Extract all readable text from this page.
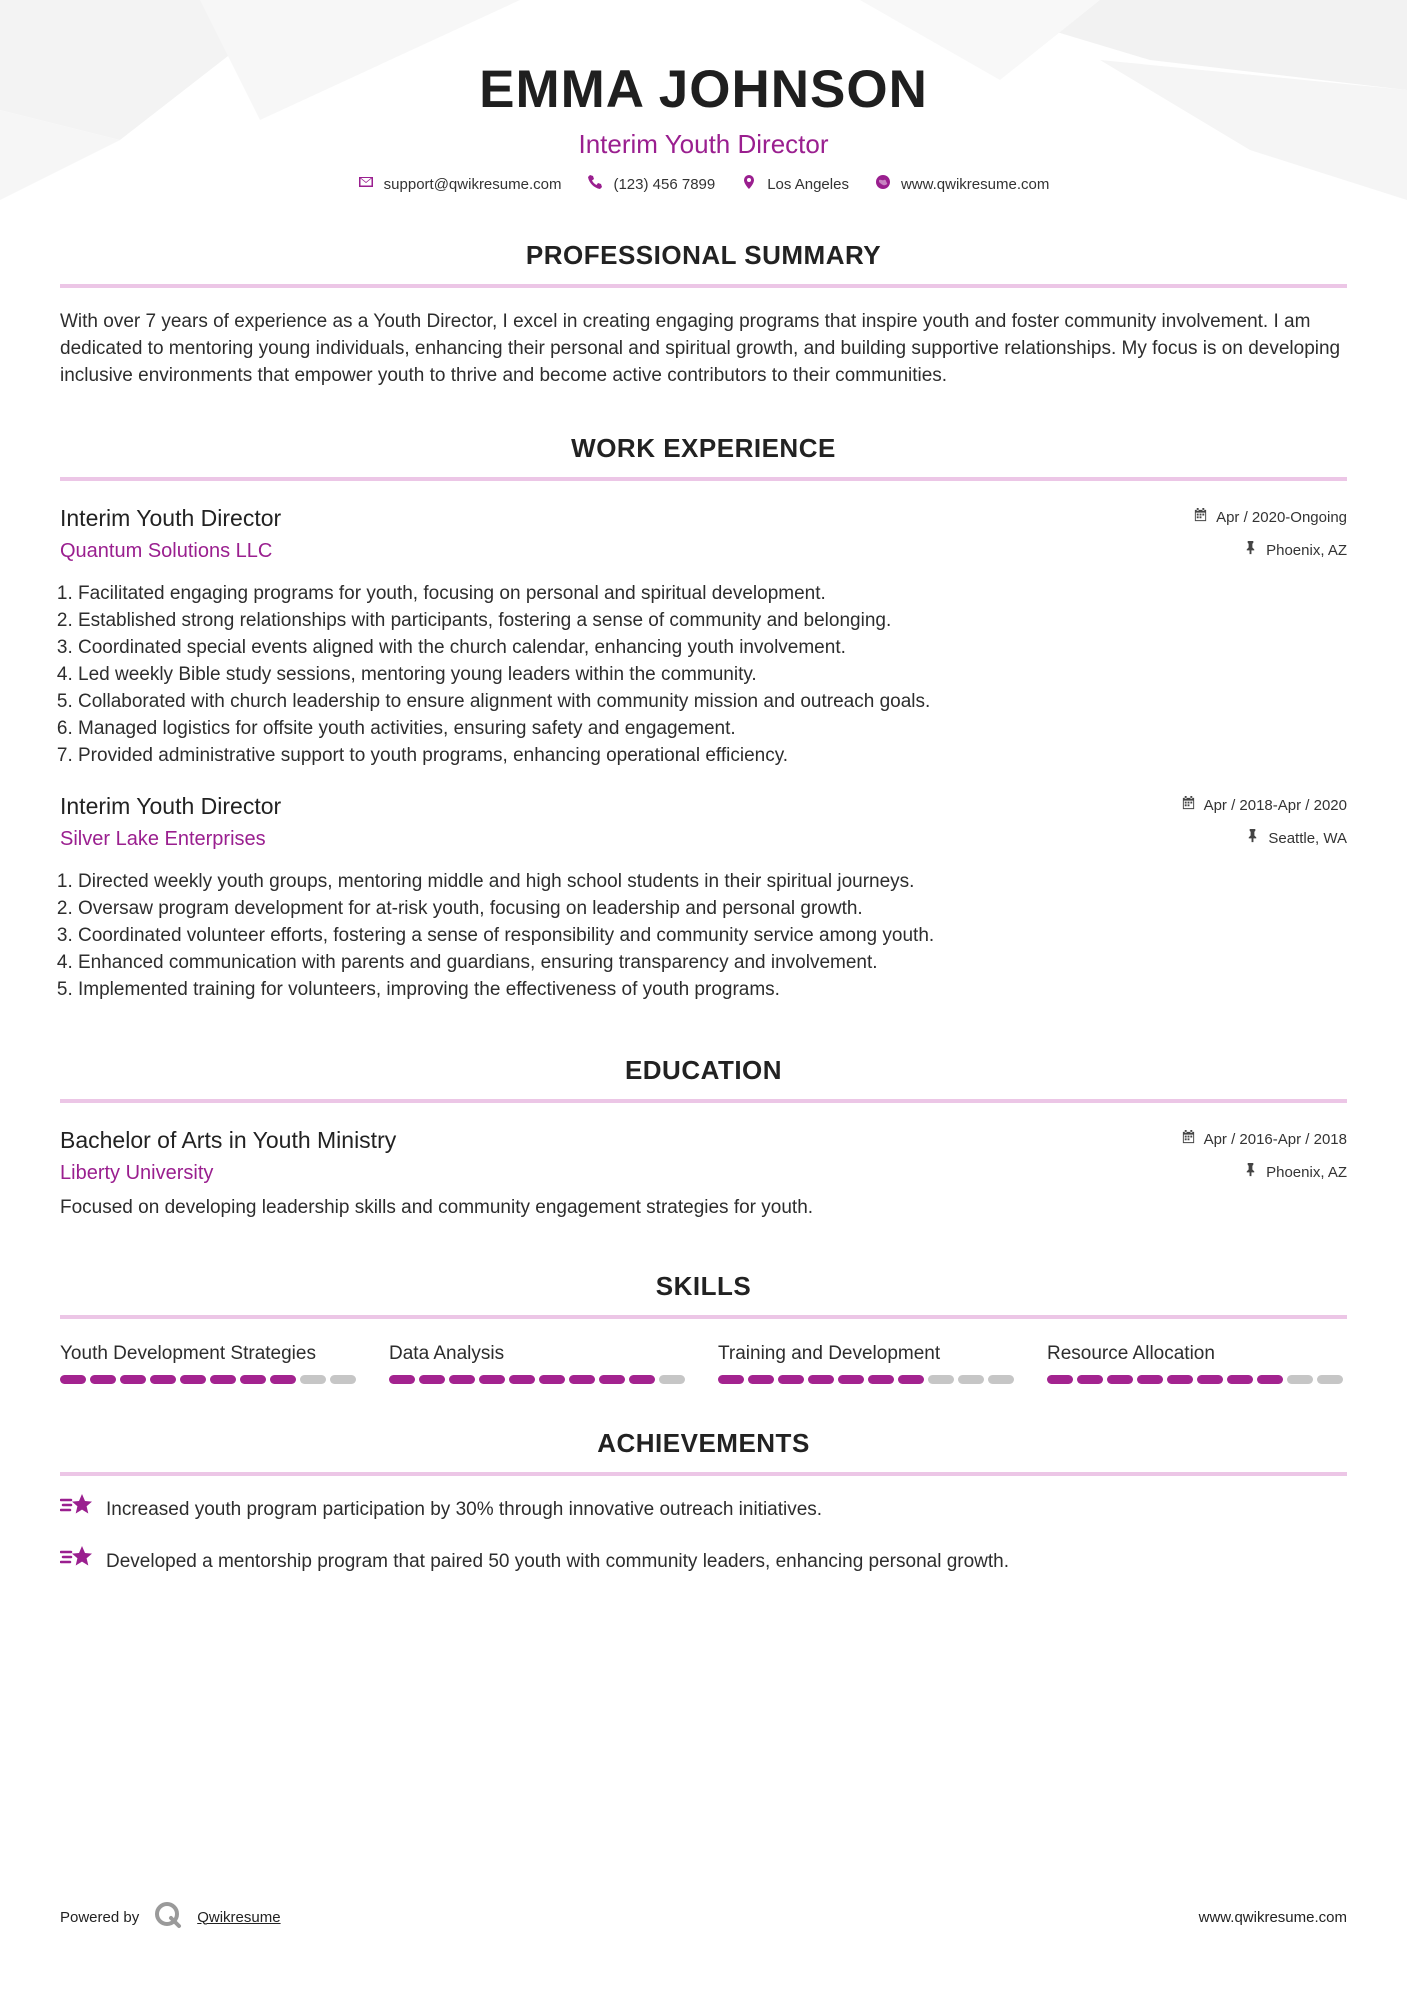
EMMA JOHNSON
Interim Youth Director
support@qwikresume.com	(123) 456 7899	Los Angeles	www.qwikresume.com
PROFESSIONAL SUMMARY
With over 7 years of experience as a Youth Director, I excel in creating engaging programs that inspire youth and foster community involvement. I am dedicated to mentoring young individuals, enhancing their personal and spiritual growth, and building supportive relationships. My focus is on developing inclusive environments that empower youth to thrive and become active contributors to their communities.
WORK EXPERIENCE
Interim Youth Director
Quantum Solutions LLC
Apr / 2020-Ongoing
Phoenix, AZ
1. Facilitated engaging programs for youth, focusing on personal and spiritual development.
2. Established strong relationships with participants, fostering a sense of community and belonging.
3. Coordinated special events aligned with the church calendar, enhancing youth involvement.
4. Led weekly Bible study sessions, mentoring young leaders within the community.
5. Collaborated with church leadership to ensure alignment with community mission and outreach goals.
6. Managed logistics for offsite youth activities, ensuring safety and engagement.
7. Provided administrative support to youth programs, enhancing operational efficiency.
Interim Youth Director
Silver Lake Enterprises
Apr / 2018-Apr / 2020
Seattle, WA
1. Directed weekly youth groups, mentoring middle and high school students in their spiritual journeys.
2. Oversaw program development for at-risk youth, focusing on leadership and personal growth.
3. Coordinated volunteer efforts, fostering a sense of responsibility and community service among youth.
4. Enhanced communication with parents and guardians, ensuring transparency and involvement.
5. Implemented training for volunteers, improving the effectiveness of youth programs.
EDUCATION
Bachelor of Arts in Youth Ministry
Liberty University
Apr / 2016-Apr / 2018
Phoenix, AZ
Focused on developing leadership skills and community engagement strategies for youth.
SKILLS
Youth Development Strategies	Data Analysis	Training and Development	Resource Allocation
ACHIEVEMENTS
Increased youth program participation by 30% through innovative outreach initiatives.
Developed a mentorship program that paired 50 youth with community leaders, enhancing personal growth.
Powered by	Qwikresume	www.qwikresume.com
